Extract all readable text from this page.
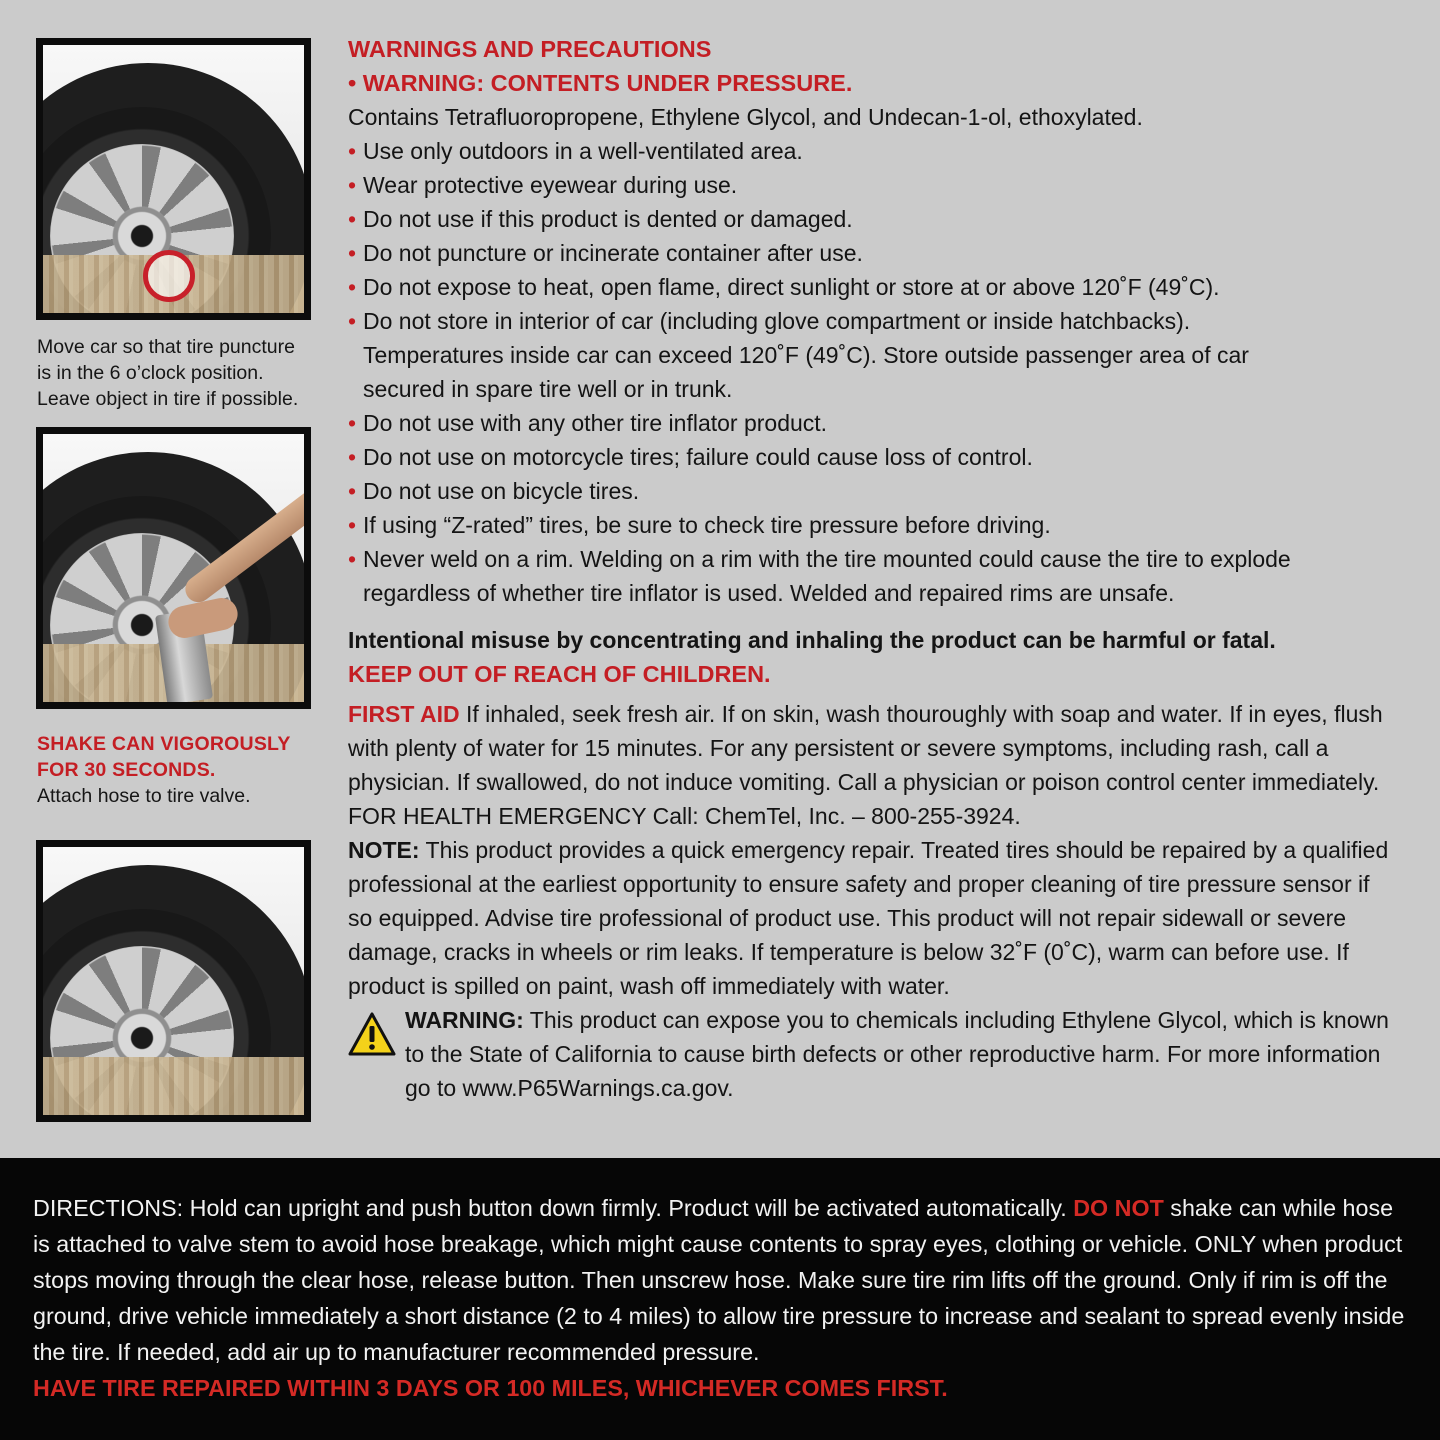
Move car so that tire puncture
is in the 6 o’clock position.
Leave object in tire if possible.
SHAKE CAN VIGOROUSLY
FOR 30 SECONDS.
Attach hose to tire valve.
WARNINGS AND PRECAUTIONS
• WARNING: CONTENTS UNDER PRESSURE.
Contains Tetrafluoropropene, Ethylene Glycol, and Undecan-1-ol, ethoxylated.
• Use only outdoors in a well-ventilated area.
• Wear protective eyewear during use.
• Do not use if this product is dented or damaged.
• Do not puncture or incinerate container after use.
• Do not expose to heat, open flame, direct sunlight or store at or above 120˚F (49˚C).
• Do not store in interior of car (including glove compartment or inside hatchbacks). Temperatures inside car can exceed 120˚F (49˚C). Store outside passenger area of car secured in spare tire well or in trunk.
• Do not use with any other tire inflator product.
• Do not use on motorcycle tires; failure could cause loss of control.
• Do not use on bicycle tires.
• If using “Z-rated” tires, be sure to check tire pressure before driving.
• Never weld on a rim. Welding on a rim with the tire mounted could cause the tire to explode regardless of whether tire inflator is used. Welded and repaired rims are unsafe.
Intentional misuse by concentrating and inhaling the product can be harmful or fatal.
KEEP OUT OF REACH OF CHILDREN.
FIRST AID If inhaled, seek fresh air. If on skin, wash thouroughly with soap and water. If in eyes, flush with plenty of water for 15 minutes. For any persistent or severe symptoms, including rash, call a physician. If swallowed, do not induce vomiting. Call a physician or poison control center immediately. FOR HEALTH EMERGENCY Call: ChemTel, Inc. – 800-255-3924.
NOTE: This product provides a quick emergency repair. Treated tires should be repaired by a qualified professional at the earliest opportunity to ensure safety and proper cleaning of tire pressure sensor if so equipped. Advise tire professional of product use. This product will not repair sidewall or severe damage, cracks in wheels or rim leaks. If temperature is below 32˚F (0˚C), warm can before use. If product is spilled on paint, wash off immediately with water.
WARNING: This product can expose you to chemicals including Ethylene Glycol, which is known to the State of California to cause birth defects or other reproductive harm. For more information go to www.P65Warnings.ca.gov.
DIRECTIONS: Hold can upright and push button down firmly. Product will be activated automatically. DO NOT shake can while hose is attached to valve stem to avoid hose breakage, which might cause contents to spray eyes, clothing or vehicle. ONLY when product stops moving through the clear hose, release button. Then unscrew hose. Make sure tire rim lifts off the ground. Only if rim is off the ground, drive vehicle immediately a short distance (2 to 4 miles) to allow tire pressure to increase and sealant to spread evenly inside the tire. If needed, add air up to manufacturer recommended pressure.
HAVE TIRE REPAIRED WITHIN 3 DAYS OR 100 MILES, WHICHEVER COMES FIRST.
